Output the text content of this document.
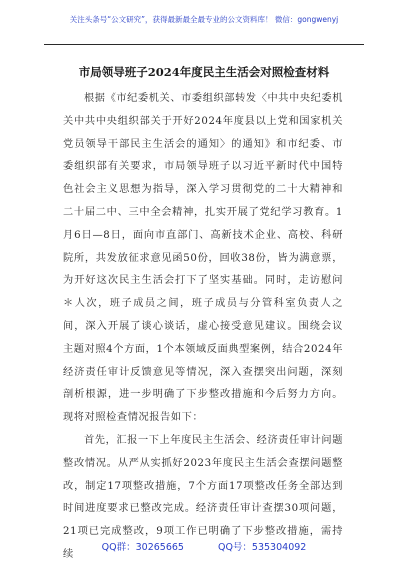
关注头条号“公文研究”，获得最新最全最专业的公文资料库！ 微信：gongwenyj
市局领导班子2024年度民主生活会对照检查材料

根据《市纪委机关、市委组织部转发〈中共中央纪委机关中共中央组织部关于开好2024年度县以上党和国家机关党员领导干部民主生活会的通知〉的通知》和市纪委、市委组织部有关要求，市局领导班子以习近平新时代中国特色社会主义思想为指导，深入学习贯彻党的二十大精神和二十届二中、三中全会精神，扎实开展了党纪学习教育。1月6日—8日，面向市直部门、高新技术企业、高校、科研院所，共发放征求意见函50份，回收38份，皆为满意票，为开好这次民主生活会打下了坚实基础。同时，走访慰问＊人次，班子成员之间，班子成员与分管科室负责人之间，深入开展了谈心谈话，虚心接受意见建议。围绕会议主题对照4个方面，1个本领域反面典型案例，结合2024年经济责任审计反馈意见等情况，深入查摆突出问题，深刻剖析根源，进一步明确了下步整改措施和今后努力方向。现将对照检查情况报告如下：

首先，汇报一下上年度民主生活会、经济责任审计问题整改情况。从严从实抓好2023年度民主生活会查摆问题整改，制定17项整改措施，7个方面17项整改任务全部达到时间进度要求已整改完成。经济责任审计查摆30项问题，21项已完成整改，9项工作已明确了下步整改措施，需持续

QQ群：30265665	QQ号：535304092
